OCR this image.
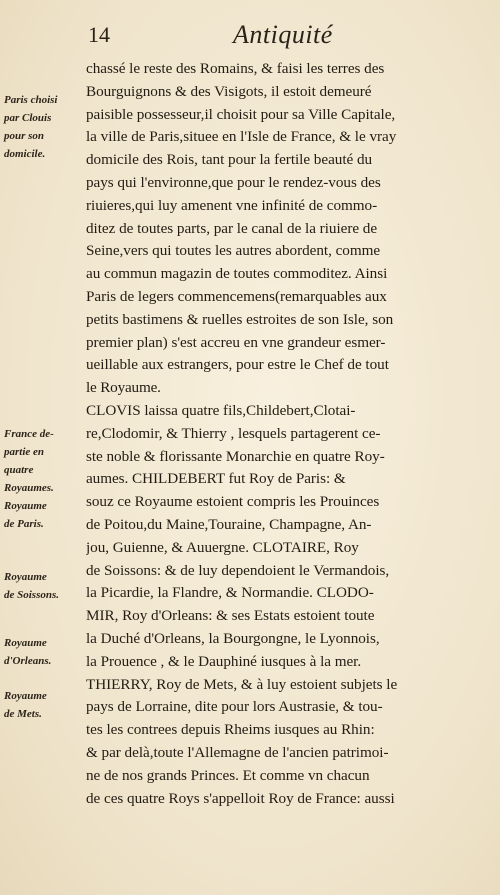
14	Antiquité
Paris choisi
par Clouis
pour son
domicile.
France de-
partie en
quatre
Royaumes.
Royaume
de Paris.
Royaume
de Soissons.
Royaume
d'Orleans.
Royaume
de Mets.
chassé le reste des Romains, & faisi les terres des
Bourguignons & des Visigots, il estoit demeuré
paisible possesseur,il choisit pour sa Ville Capitale,
la ville de Paris,situee en l'Isle de France, & le vray
domicile des Rois, tant pour la fertile beauté du
pays qui l'environne,que pour le rendez-vous des
riuieres,qui luy amenent vne infinité de commo-
ditez de toutes parts, par le canal de la riuiere de
Seine,vers qui toutes les autres abordent, comme
au commun magazin de toutes commoditez. Ainsi
Paris de legers commencemens(remarquables aux
petits bastimens & ruelles estroites de son Isle, son
premier plan) s'est accreu en vne grandeur esmer-
ueillable aux estrangers, pour estre le Chef de tout
le Royaume.
CLOVIS laissa quatre fils,Childebert,Clotai-
re,Clodomir, & Thierry , lesquels partagerent ce-
ste noble & florissante Monarchie en quatre Roy-
aumes. CHILDEBERT fut Roy de Paris: &
souz ce Royaume estoient compris les Prouinces
de Poitou,du Maine,Touraine, Champagne, An-
jou, Guienne, & Auuergne. CLOTAIRE, Roy
de Soissons: & de luy dependoient le Vermandois,
la Picardie, la Flandre, & Normandie. CLODO-
MIR, Roy d'Orleans: & ses Estats estoient toute
la Duché d'Orleans, la Bourgongne, le Lyonnois,
la Prouence , & le Dauphiné iusques à la mer.
THIERRY, Roy de Mets, & à luy estoient subjets le
pays de Lorraine, dite pour lors Austrasie, & tou-
tes les contrees depuis Rheims iusques au Rhin:
& par delà,toute l'Allemagne de l'ancien patrimoi-
ne de nos grands Princes. Et comme vn chacun
de ces quatre Roys s'appelloit Roy de France: aussi
